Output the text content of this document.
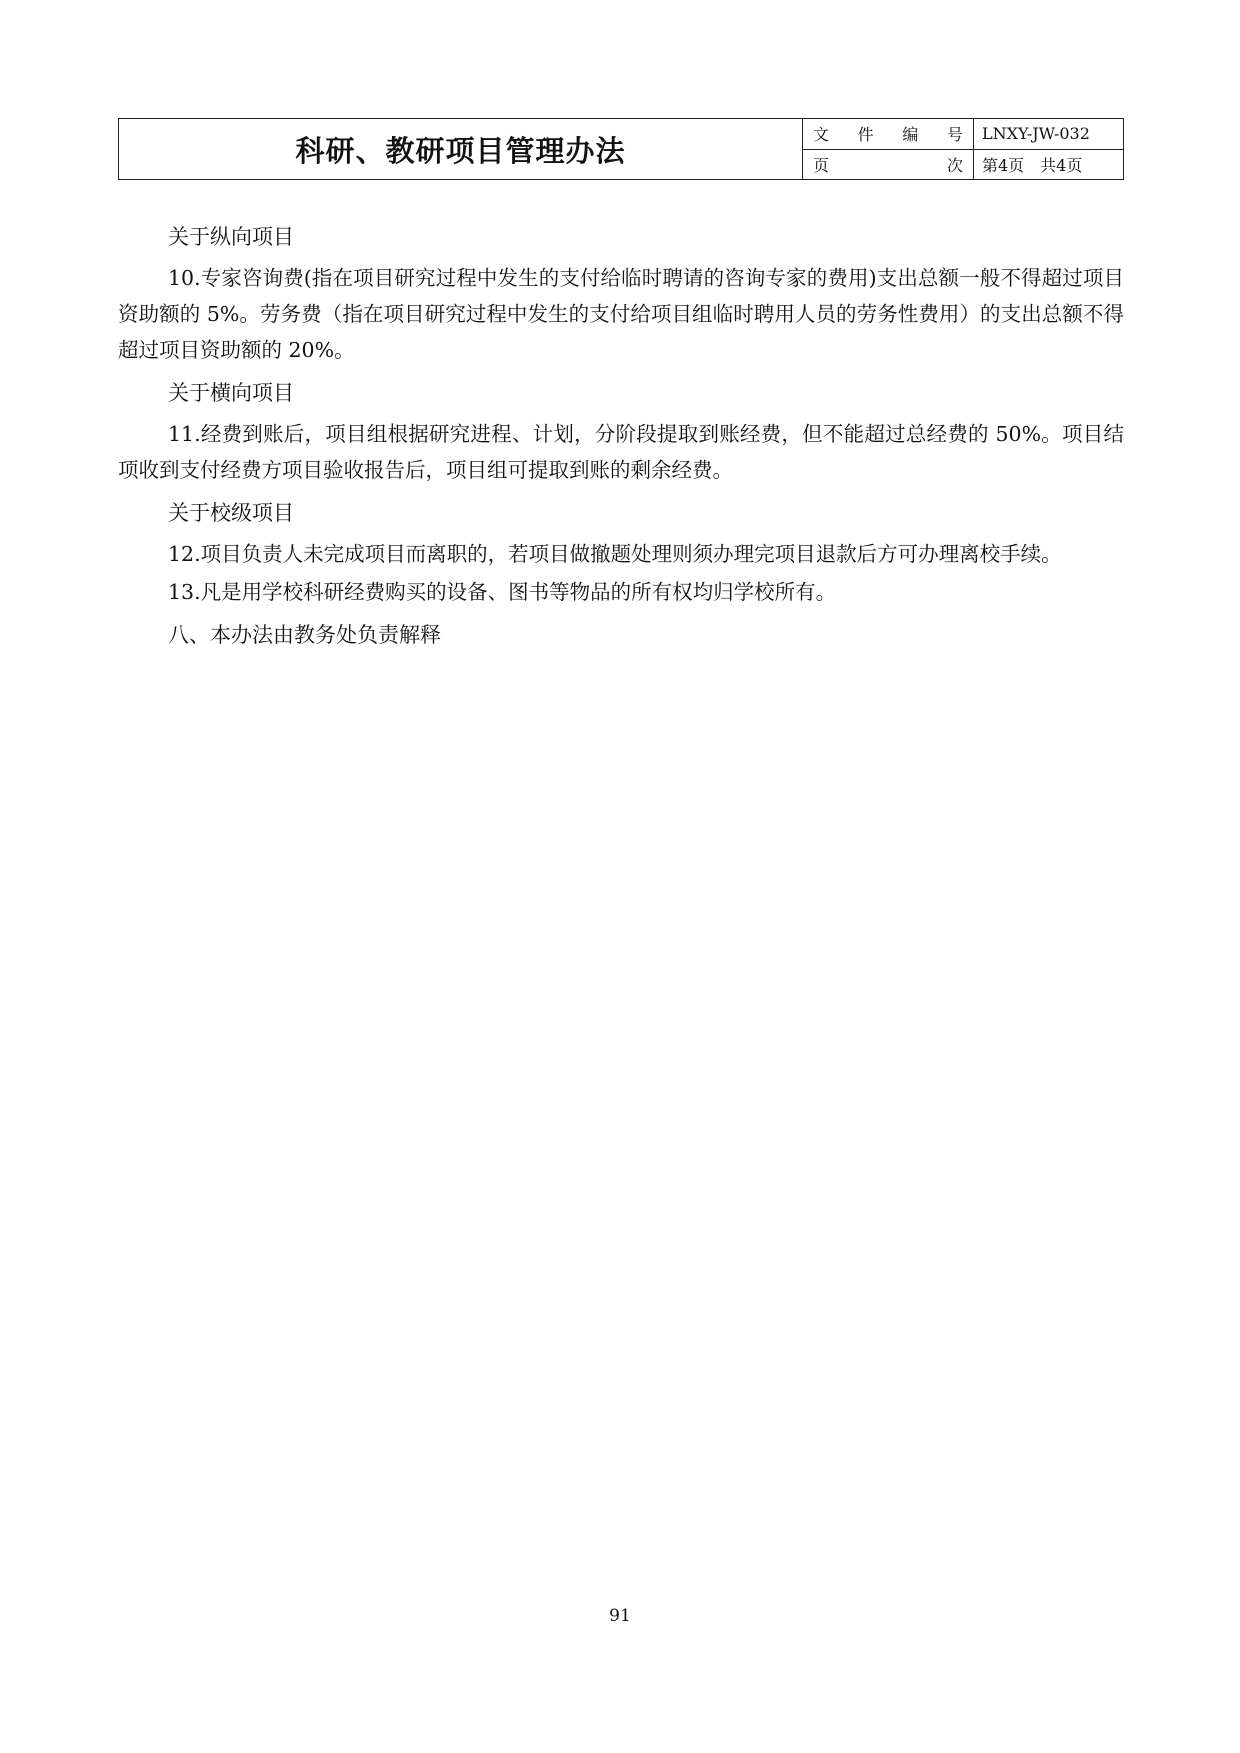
科研、教研项目管理办法	文 件 编 号	LNXY-JW-032

	页 次	第4页　共4页

关于纵向项目

10.专家咨询费(指在项目研究过程中发生的支付给临时聘请的咨询专家的费用)支出总额一般不得超过项目资助额的 5%。劳务费（指在项目研究过程中发生的支付给项目组临时聘用人员的劳务性费用）的支出总额不得超过项目资助额的 20%。

关于横向项目

11.经费到账后，项目组根据研究进程、计划，分阶段提取到账经费，但不能超过总经费的 50%。项目结项收到支付经费方项目验收报告后，项目组可提取到账的剩余经费。

关于校级项目

12.项目负责人未完成项目而离职的，若项目做撤题处理则须办理完项目退款后方可办理离校手续。

13.凡是用学校科研经费购买的设备、图书等物品的所有权均归学校所有。

八、本办法由教务处负责解释

91
